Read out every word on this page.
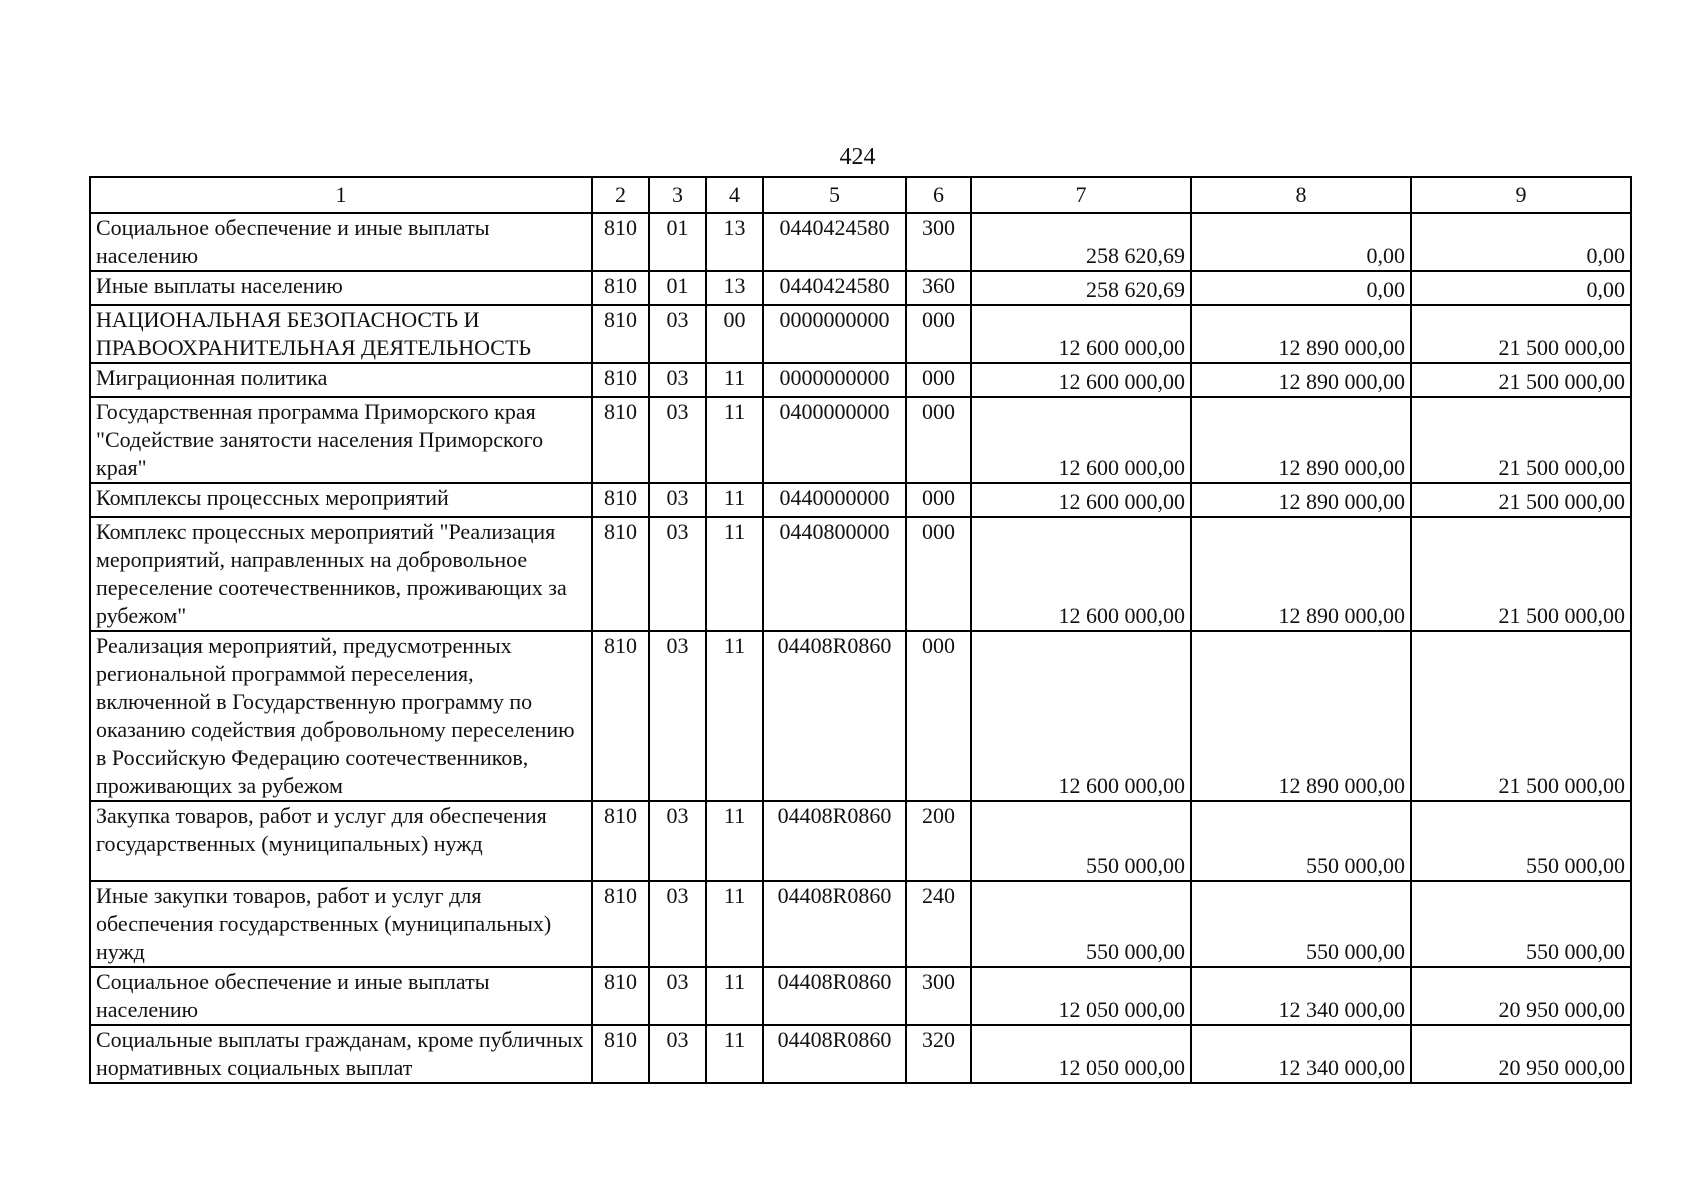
424
1	2	3	4	5	6	7	8	9
Социальное обеспечение и иные выплаты населению	810	01	13	0440424580	300	258 620,69	0,00	0,00
Иные выплаты населению	810	01	13	0440424580	360	258 620,69	0,00	0,00
НАЦИОНАЛЬНАЯ БЕЗОПАСНОСТЬ И ПРАВООХРАНИТЕЛЬНАЯ ДЕЯТЕЛЬНОСТЬ	810	03	00	0000000000	000	12 600 000,00	12 890 000,00	21 500 000,00
Миграционная политика	810	03	11	0000000000	000	12 600 000,00	12 890 000,00	21 500 000,00
Государственная программа Приморского края "Содействие занятости населения Приморского края"	810	03	11	0400000000	000	12 600 000,00	12 890 000,00	21 500 000,00
Комплексы процессных мероприятий	810	03	11	0440000000	000	12 600 000,00	12 890 000,00	21 500 000,00
Комплекс процессных мероприятий "Реализация мероприятий, направленных на добровольное переселение соотечественников, проживающих за рубежом"	810	03	11	0440800000	000	12 600 000,00	12 890 000,00	21 500 000,00
Реализация мероприятий, предусмотренных региональной программой переселения, включенной в Государственную программу по оказанию содействия добровольному переселению в Российскую Федерацию соотечественников, проживающих за рубежом	810	03	11	04408R0860	000	12 600 000,00	12 890 000,00	21 500 000,00
Закупка товаров, работ и услуг для обеспечения государственных (муниципальных) нужд	810	03	11	04408R0860	200	550 000,00	550 000,00	550 000,00
Иные закупки товаров, работ и услуг для обеспечения государственных (муниципальных) нужд	810	03	11	04408R0860	240	550 000,00	550 000,00	550 000,00
Социальное обеспечение и иные выплаты населению	810	03	11	04408R0860	300	12 050 000,00	12 340 000,00	20 950 000,00
Социальные выплаты гражданам, кроме публичных нормативных социальных выплат	810	03	11	04408R0860	320	12 050 000,00	12 340 000,00	20 950 000,00
